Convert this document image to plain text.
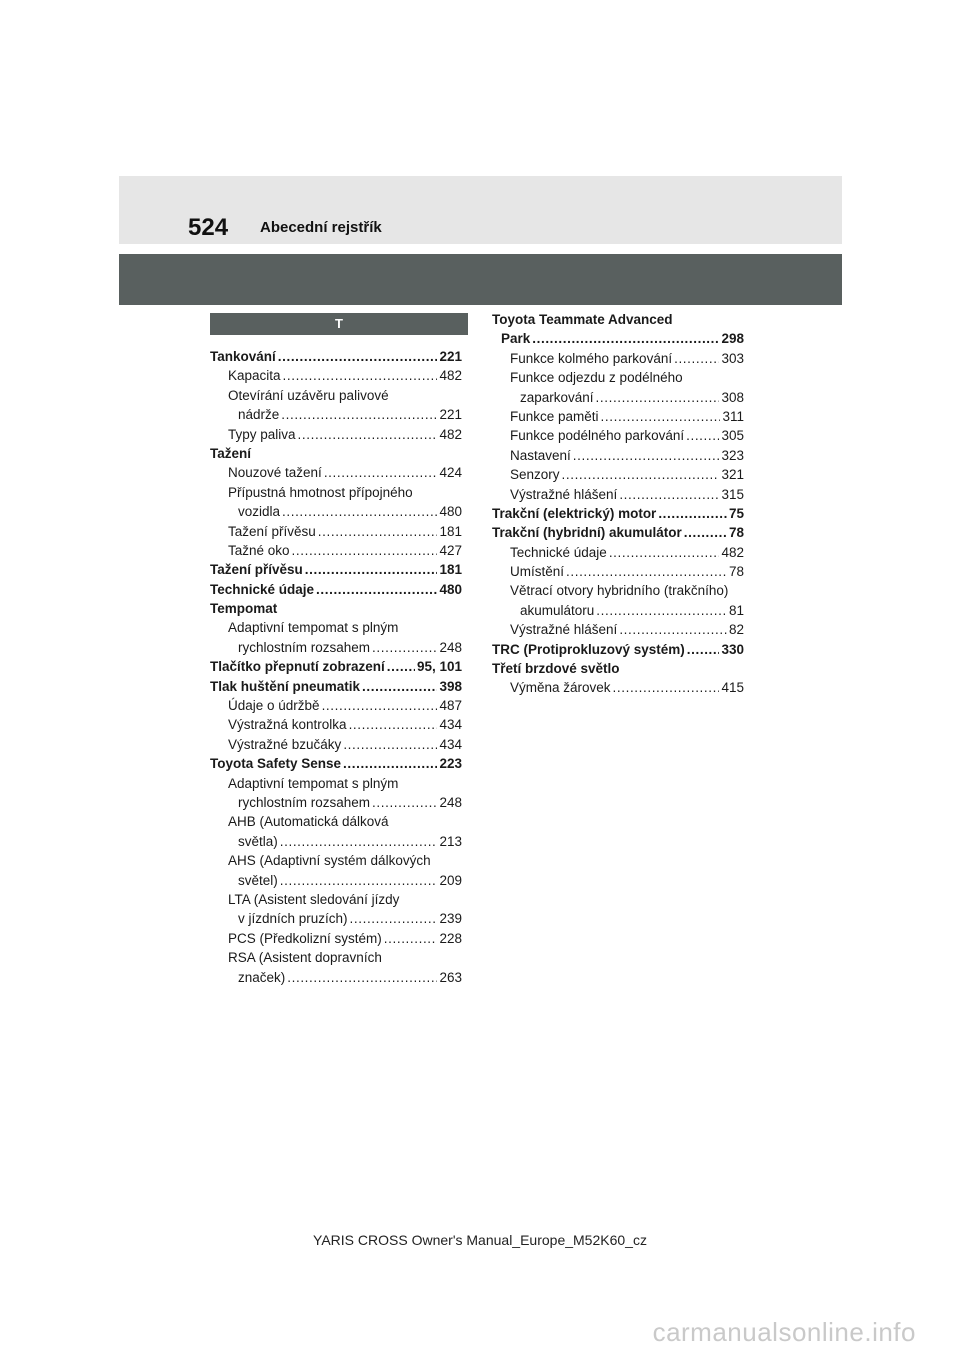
524 Abecední rejstřík
T
Tankování .....	221
Kapacita .....	482
Otevírání uzávěru palivové
nádrže .....	221
Typy paliva .....	482
Tažení
Nouzové tažení .....	424
Přípustná hmotnost přípojného
vozidla .....	480
Tažení přívěsu .....	181
Tažné oko .....	427
Tažení přívěsu .....	181
Technické údaje .....	480
Tempomat
Adaptivní tempomat s plným
rychlostním rozsahem .....	248
Tlačítko přepnutí zobrazení ..... 95, 101
Tlak huštění pneumatik .....	398
Údaje o údržbě .....	487
Výstražná kontrolka .....	434
Výstražné bzučáky .....	434
Toyota Safety Sense .....	223
Adaptivní tempomat s plným
rychlostním rozsahem .....	248
AHB (Automatická dálková
světla) .....	213
AHS (Adaptivní systém dálkových
světel) .....	209
LTA (Asistent sledování jízdy
v jízdních pruzích) .....	239
PCS (Předkolizní systém) .....	228
RSA (Asistent dopravních
značek) .....	263
Toyota Teammate Advanced
Park .....	298
Funkce kolmého parkování .....	303
Funkce odjezdu z podélného
zaparkování .....	308
Funkce paměti .....	311
Funkce podélného parkování .....	305
Nastavení .....	323
Senzory .....	321
Výstražné hlášení .....	315
Trakční (elektrický) motor .....	75
Trakční (hybridní) akumulátor .....	78
Technické údaje .....	482
Umístění .....	78
Větrací otvory hybridního (trakčního)
akumulátoru .....	81
Výstražné hlášení .....	82
TRC (Protiprokluzový systém) .....	330
Třetí brzdové světlo
Výměna žárovek .....	415
YARIS CROSS Owner's Manual_Europe_M52K60_cz
carmanualsonline.info
